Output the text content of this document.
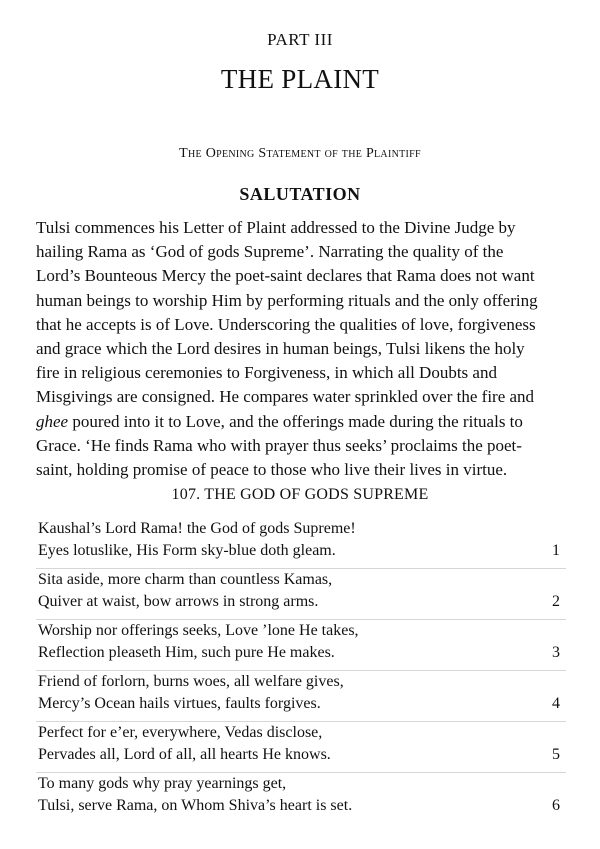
PART III
THE PLAINT
The Opening Statement of the Plaintiff
SALUTATION
Tulsi commences his Letter of Plaint addressed to the Divine Judge by
hailing Rama as ‘God of gods Supreme’. Narrating the quality of the
Lord’s Bounteous Mercy the poet-saint declares that Rama does not want
human beings to worship Him by performing rituals and the only offering
that he accepts is of Love. Underscoring the qualities of love, forgiveness
and grace which the Lord desires in human beings, Tulsi likens the holy
fire in religious ceremonies to Forgiveness, in which all Doubts and
Misgivings are consigned. He compares water sprinkled over the fire and
ghee poured into it to Love, and the offerings made during the rituals to
Grace. ‘He finds Rama who with prayer thus seeks’ proclaims the poet-
saint, holding promise of peace to those who live their lives in virtue.
107. THE GOD OF GODS SUPREME
Kaushal’s Lord Rama! the God of gods Supreme!
Eyes lotuslike, His Form sky-blue doth gleam.	1
Sita aside, more charm than countless Kamas,
Quiver at waist, bow arrows in strong arms.	2
Worship nor offerings seeks, Love ’lone He takes,
Reflection pleaseth Him, such pure He makes.	3
Friend of forlorn, burns woes, all welfare gives,
Mercy’s Ocean hails virtues, faults forgives.	4
Perfect for e’er, everywhere, Vedas disclose,
Pervades all, Lord of all, all hearts He knows.	5
To many gods why pray yearnings get,
Tulsi, serve Rama, on Whom Shiva’s heart is set.	6
